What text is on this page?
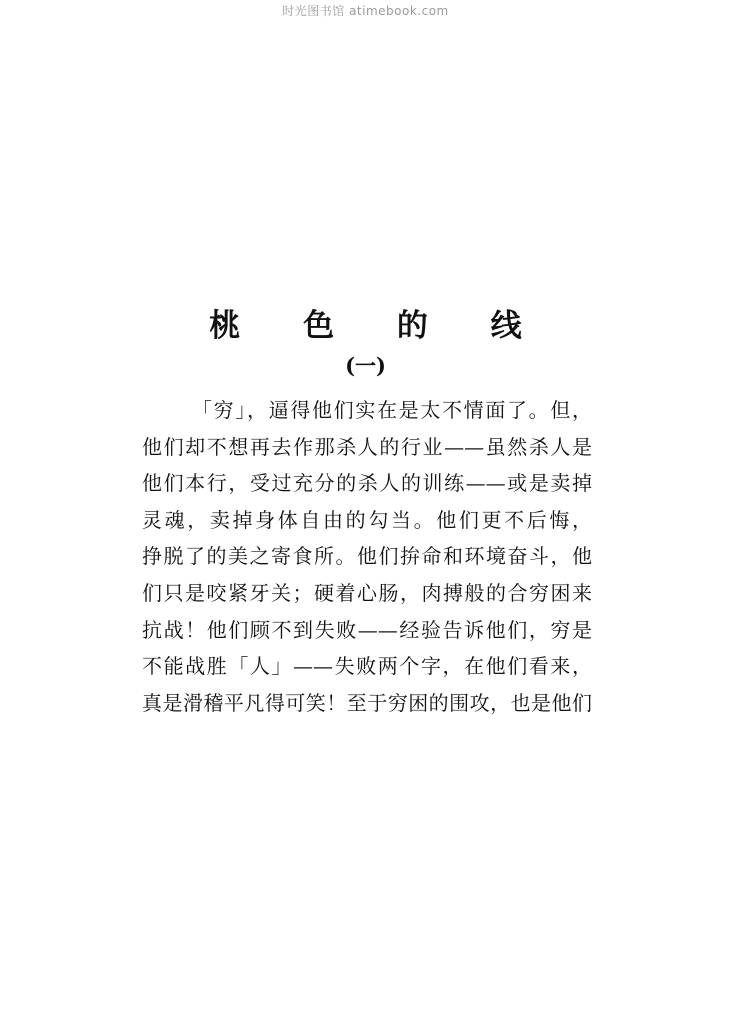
时光图书馆 atimebook.com
桃 色 的 线
(一)
「穷」，逼得他们实在是太不情面了。但，
他们却不想再去作那杀人的行业——虽然杀人是
他们本行，受过充分的杀人的训练——或是卖掉
灵魂，卖掉身体自由的勾当。他们更不后悔，
挣脱了的美之寄食所。他们拚命和环境奋斗，他
们只是咬紧牙关；硬着心肠，肉搏般的合穷困来
抗战！他们顾不到失败——经验告诉他们，穷是
不能战胜「人」——失败两个字，在他们看来，
真是滑稽平凡得可笑！至于穷困的围攻，也是他们
